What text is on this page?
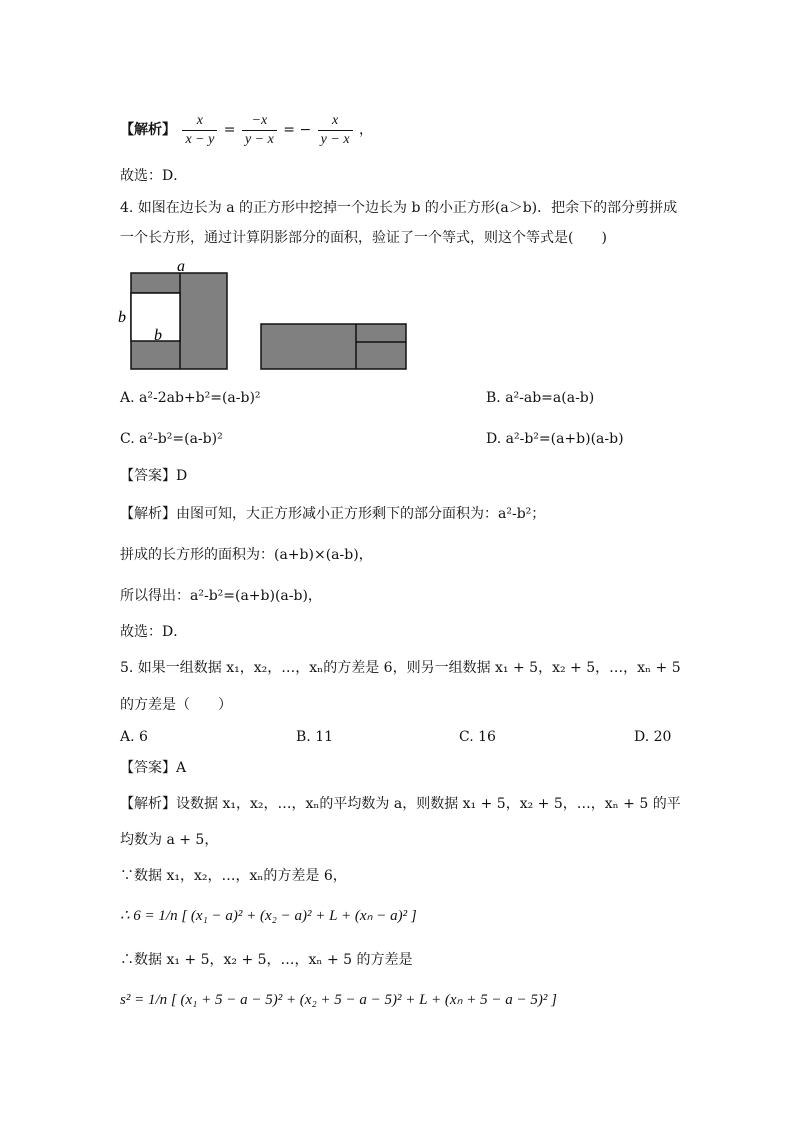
【解析】 $\frac{x}{x - y} = \frac{-x}{y - x}$ = − $\frac{x}{y - x}$ ，
故选：D．
4. 如图在边长为 a 的正方形中挖掉一个边长为 b 的小正方形(a＞b)．把余下的部分剪拼成
一个长方形，通过计算阴影部分的面积，验证了一个等式，则这个等式是(　　)
a
b
b
A. a²-2ab+b²=(a-b)²	B. a²-ab=a(a-b)
C. a²-b²=(a-b)²	D. a²-b²=(a+b)(a-b)
【答案】D
【解析】由图可知，大正方形减小正方形剩下的部分面积为：a²-b²；
拼成的长方形的面积为：(a+b)×(a-b)，
所以得出：a²-b²=(a+b)(a-b)，
故选：D．
5. 如果一组数据 x₁，x₂，…，xₙ的方差是 6，则另一组数据 x₁ + 5，x₂ + 5，…，xₙ + 5
的方差是（　　）
A. 6	B. 11	C. 16	D. 20
【答案】A
【解析】设数据 x₁，x₂，…，xₙ的平均数为 a，则数据 x₁ + 5，x₂ + 5，…，xₙ + 5 的平
均数为 a + 5，
∵数据 x₁，x₂，…，xₙ的方差是 6，
∴ 6 = 1/n [ (x₁ − a)² + (x₂ − a)² + L + (xₙ − a)² ]
∴数据 x₁ + 5，x₂ + 5，…，xₙ + 5 的方差是
s² = 1/n [ (x₁ + 5 − a − 5)² + (x₂ + 5 − a − 5)² + L + (xₙ + 5 − a − 5)² ]
